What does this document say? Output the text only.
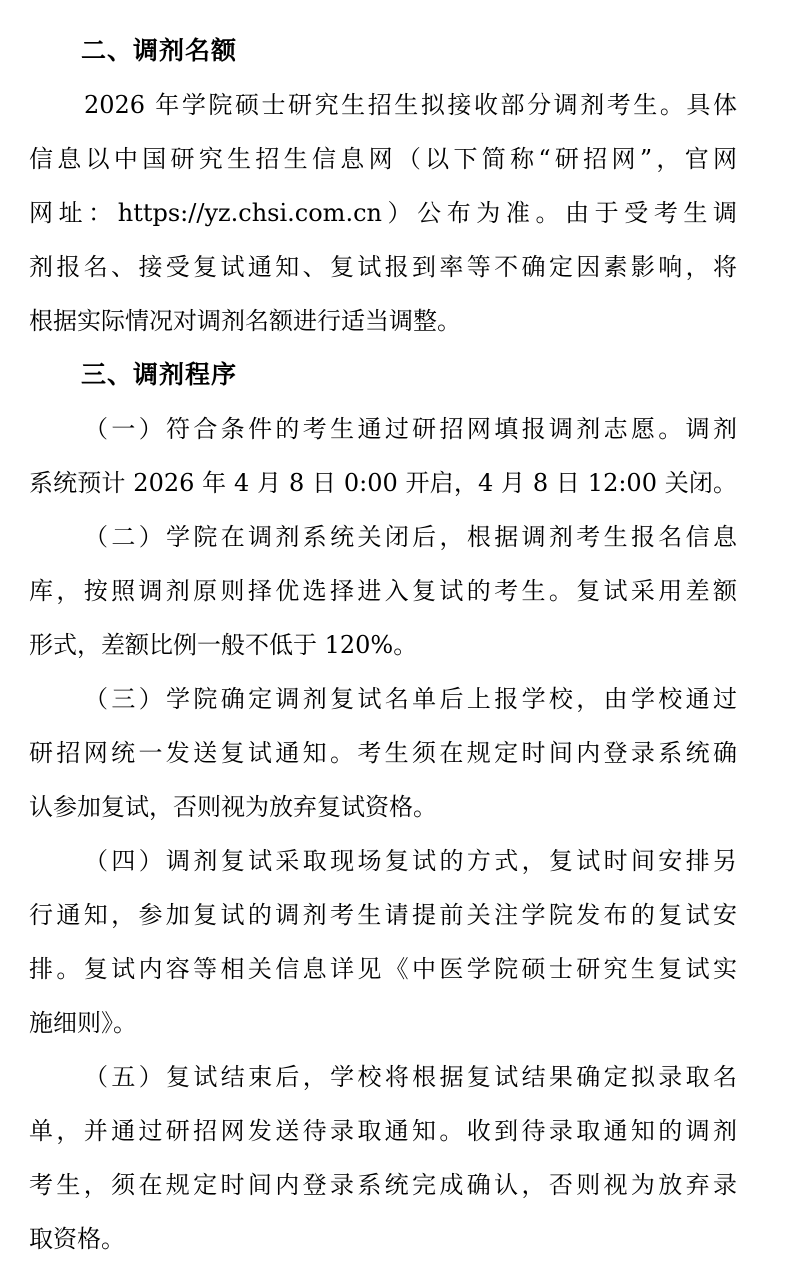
二、调剂名额
2026 年学院硕士研究生招生拟接收部分调剂考生。具体
信息以中国研究生招生信息网（以下简称“研招网”，官网
网址：https://yz.chsi.com.cn）公布为准。由于受考生调
剂报名、接受复试通知、复试报到率等不确定因素影响，将
根据实际情况对调剂名额进行适当调整。
三、调剂程序
（一）符合条件的考生通过研招网填报调剂志愿。调剂
系统预计 2026 年 4 月 8 日 0:00 开启，4 月 8 日 12:00 关闭。
（二）学院在调剂系统关闭后，根据调剂考生报名信息
库，按照调剂原则择优选择进入复试的考生。复试采用差额
形式，差额比例一般不低于 120%。
（三）学院确定调剂复试名单后上报学校，由学校通过
研招网统一发送复试通知。考生须在规定时间内登录系统确
认参加复试，否则视为放弃复试资格。
（四）调剂复试采取现场复试的方式，复试时间安排另
行通知，参加复试的调剂考生请提前关注学院发布的复试安
排。复试内容等相关信息详见《中医学院硕士研究生复试实
施细则》。
（五）复试结束后，学校将根据复试结果确定拟录取名
单，并通过研招网发送待录取通知。收到待录取通知的调剂
考生，须在规定时间内登录系统完成确认，否则视为放弃录
取资格。
